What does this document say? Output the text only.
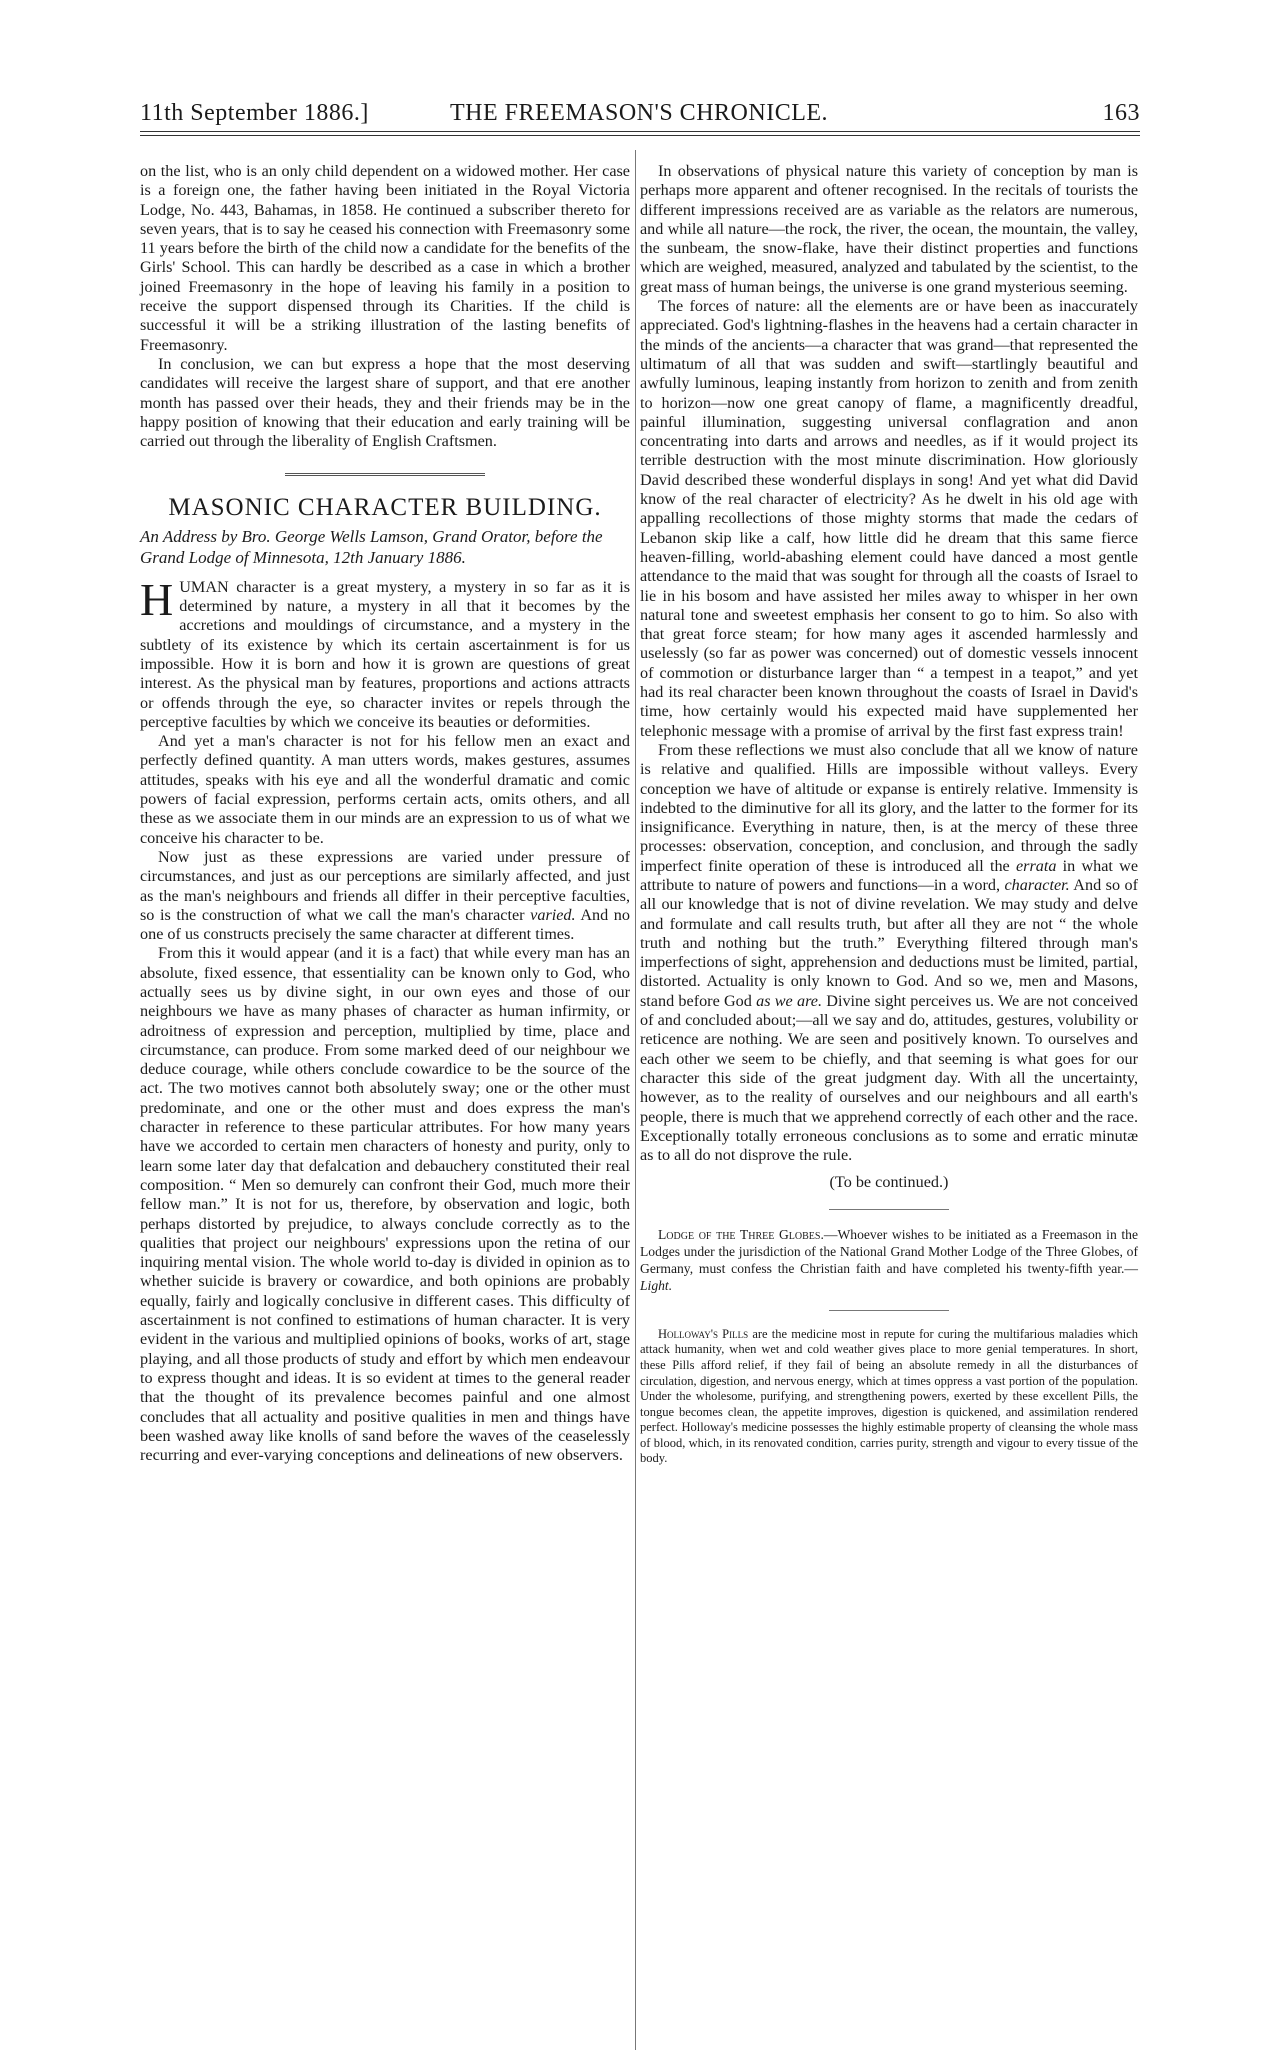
11th September 1886.]	THE FREEMASON'S CHRONICLE.	163

on the list, who is an only child dependent on a widowed mother. Her case is a foreign one, the father having been initiated in the Royal Victoria Lodge, No. 443, Bahamas, in 1858. He continued a subscriber thereto for seven years, that is to say he ceased his connection with Freemasonry some 11 years before the birth of the child now a candidate for the benefits of the Girls' School. This can hardly be described as a case in which a brother joined Freemasonry in the hope of leaving his family in a position to receive the support dispensed through its Charities. If the child is successful it will be a striking illustration of the lasting benefits of Freemasonry.

In conclusion, we can but express a hope that the most deserving candidates will receive the largest share of support, and that ere another month has passed over their heads, they and their friends may be in the happy position of knowing that their education and early training will be carried out through the liberality of English Craftsmen.

MASONIC CHARACTER BUILDING.
An Address by Bro. George Wells Lamson, Grand Orator, before the Grand Lodge of Minnesota, 12th January 1886.

HUMAN character is a great mystery, a mystery in so far as it is determined by nature, a mystery in all that it becomes by the accretions and mouldings of circumstance, and a mystery in the subtlety of its existence by which its certain ascertainment is for us impossible. How it is born and how it is grown are questions of great interest. As the physical man by features, proportions and actions attracts or offends through the eye, so character invites or repels through the perceptive faculties by which we conceive its beauties or deformities.

And yet a man's character is not for his fellow men an exact and perfectly defined quantity. A man utters words, makes gestures, assumes attitudes, speaks with his eye and all the wonderful dramatic and comic powers of facial expression, performs certain acts, omits others, and all these as we associate them in our minds are an expression to us of what we conceive his character to be.

Now just as these expressions are varied under pressure of circumstances, and just as our perceptions are similarly affected, and just as the man's neighbours and friends all differ in their perceptive faculties, so is the construction of what we call the man's character varied. And no one of us constructs precisely the same character at different times.

From this it would appear (and it is a fact) that while every man has an absolute, fixed essence, that essentiality can be known only to God, who actually sees us by divine sight, in our own eyes and those of our neighbours we have as many phases of character as human infirmity, or adroitness of expression and perception, multiplied by time, place and circumstance, can produce. From some marked deed of our neighbour we deduce courage, while others conclude cowardice to be the source of the act. The two motives cannot both absolutely sway; one or the other must predominate, and one or the other must and does express the man's character in reference to these particular attributes. For how many years have we accorded to certain men characters of honesty and purity, only to learn some later day that defalcation and debauchery constituted their real composition. “ Men so demurely can confront their God, much more their fellow man.” It is not for us, therefore, by observation and logic, both perhaps distorted by prejudice, to always conclude correctly as to the qualities that project our neighbours' expressions upon the retina of our inquiring mental vision. The whole world to-day is divided in opinion as to whether suicide is bravery or cowardice, and both opinions are probably equally, fairly and logically conclusive in different cases. This difficulty of ascertainment is not confined to estimations of human character. It is very evident in the various and multiplied opinions of books, works of art, stage playing, and all those products of study and effort by which men endeavour to express thought and ideas. It is so evident at times to the general reader that the thought of its prevalence becomes painful and one almost concludes that all actuality and positive qualities in men and things have been washed away like knolls of sand before the waves of the ceaselessly recurring and ever-varying conceptions and delineations of new observers.

In observations of physical nature this variety of conception by man is perhaps more apparent and oftener recognised. In the recitals of tourists the different impressions received are as variable as the relators are numerous, and while all nature—the rock, the river, the ocean, the mountain, the valley, the sunbeam, the snow-flake, have their distinct properties and functions which are weighed, measured, analyzed and tabulated by the scientist, to the great mass of human beings, the universe is one grand mysterious seeming.

The forces of nature: all the elements are or have been as inaccurately appreciated. God's lightning-flashes in the heavens had a certain character in the minds of the ancients—a character that was grand—that represented the ultimatum of all that was sudden and swift—startlingly beautiful and awfully luminous, leaping instantly from horizon to zenith and from zenith to horizon—now one great canopy of flame, a magnificently dreadful, painful illumination, suggesting universal conflagration and anon concentrating into darts and arrows and needles, as if it would project its terrible destruction with the most minute discrimination. How gloriously David described these wonderful displays in song! And yet what did David know of the real character of electricity? As he dwelt in his old age with appalling recollections of those mighty storms that made the cedars of Lebanon skip like a calf, how little did he dream that this same fierce heaven-filling, world-abashing element could have danced a most gentle attendance to the maid that was sought for through all the coasts of Israel to lie in his bosom and have assisted her miles away to whisper in her own natural tone and sweetest emphasis her consent to go to him. So also with that great force steam; for how many ages it ascended harmlessly and uselessly (so far as power was concerned) out of domestic vessels innocent of commotion or disturbance larger than “ a tempest in a teapot,” and yet had its real character been known throughout the coasts of Israel in David's time, how certainly would his expected maid have supplemented her telephonic message with a promise of arrival by the first fast express train!

From these reflections we must also conclude that all we know of nature is relative and qualified. Hills are impossible without valleys. Every conception we have of altitude or expanse is entirely relative. Immensity is indebted to the diminutive for all its glory, and the latter to the former for its insignificance. Everything in nature, then, is at the mercy of these three processes: observation, conception, and conclusion, and through the sadly imperfect finite operation of these is introduced all the errata in what we attribute to nature of powers and functions—in a word, character. And so of all our knowledge that is not of divine revelation. We may study and delve and formulate and call results truth, but after all they are not “ the whole truth and nothing but the truth.” Everything filtered through man's imperfections of sight, apprehension and deductions must be limited, partial, distorted. Actuality is only known to God. And so we, men and Masons, stand before God as we are. Divine sight perceives us. We are not conceived of and concluded about;—all we say and do, attitudes, gestures, volubility or reticence are nothing. We are seen and positively known. To ourselves and each other we seem to be chiefly, and that seeming is what goes for our character this side of the great judgment day. With all the uncertainty, however, as to the reality of ourselves and our neighbours and all earth's people, there is much that we apprehend correctly of each other and the race. Exceptionally totally erroneous conclusions as to some and erratic minutæ as to all do not disprove the rule.

(To be continued.)

Lodge of the Three Globes.—Whoever wishes to be initiated as a Freemason in the Lodges under the jurisdiction of the National Grand Mother Lodge of the Three Globes, of Germany, must confess the Christian faith and have completed his twenty-fifth year.— Light.

Holloway's Pills are the medicine most in repute for curing the multifarious maladies which attack humanity, when wet and cold weather gives place to more genial temperatures. In short, these Pills afford relief, if they fail of being an absolute remedy in all the disturbances of circulation, digestion, and nervous energy, which at times oppress a vast portion of the population. Under the wholesome, purifying, and strengthening powers, exerted by these excellent Pills, the tongue becomes clean, the appetite improves, digestion is quickened, and assimilation rendered perfect. Holloway's medicine possesses the highly estimable property of cleansing the whole mass of blood, which, in its renovated condition, carries purity, strength and vigour to every tissue of the body.
